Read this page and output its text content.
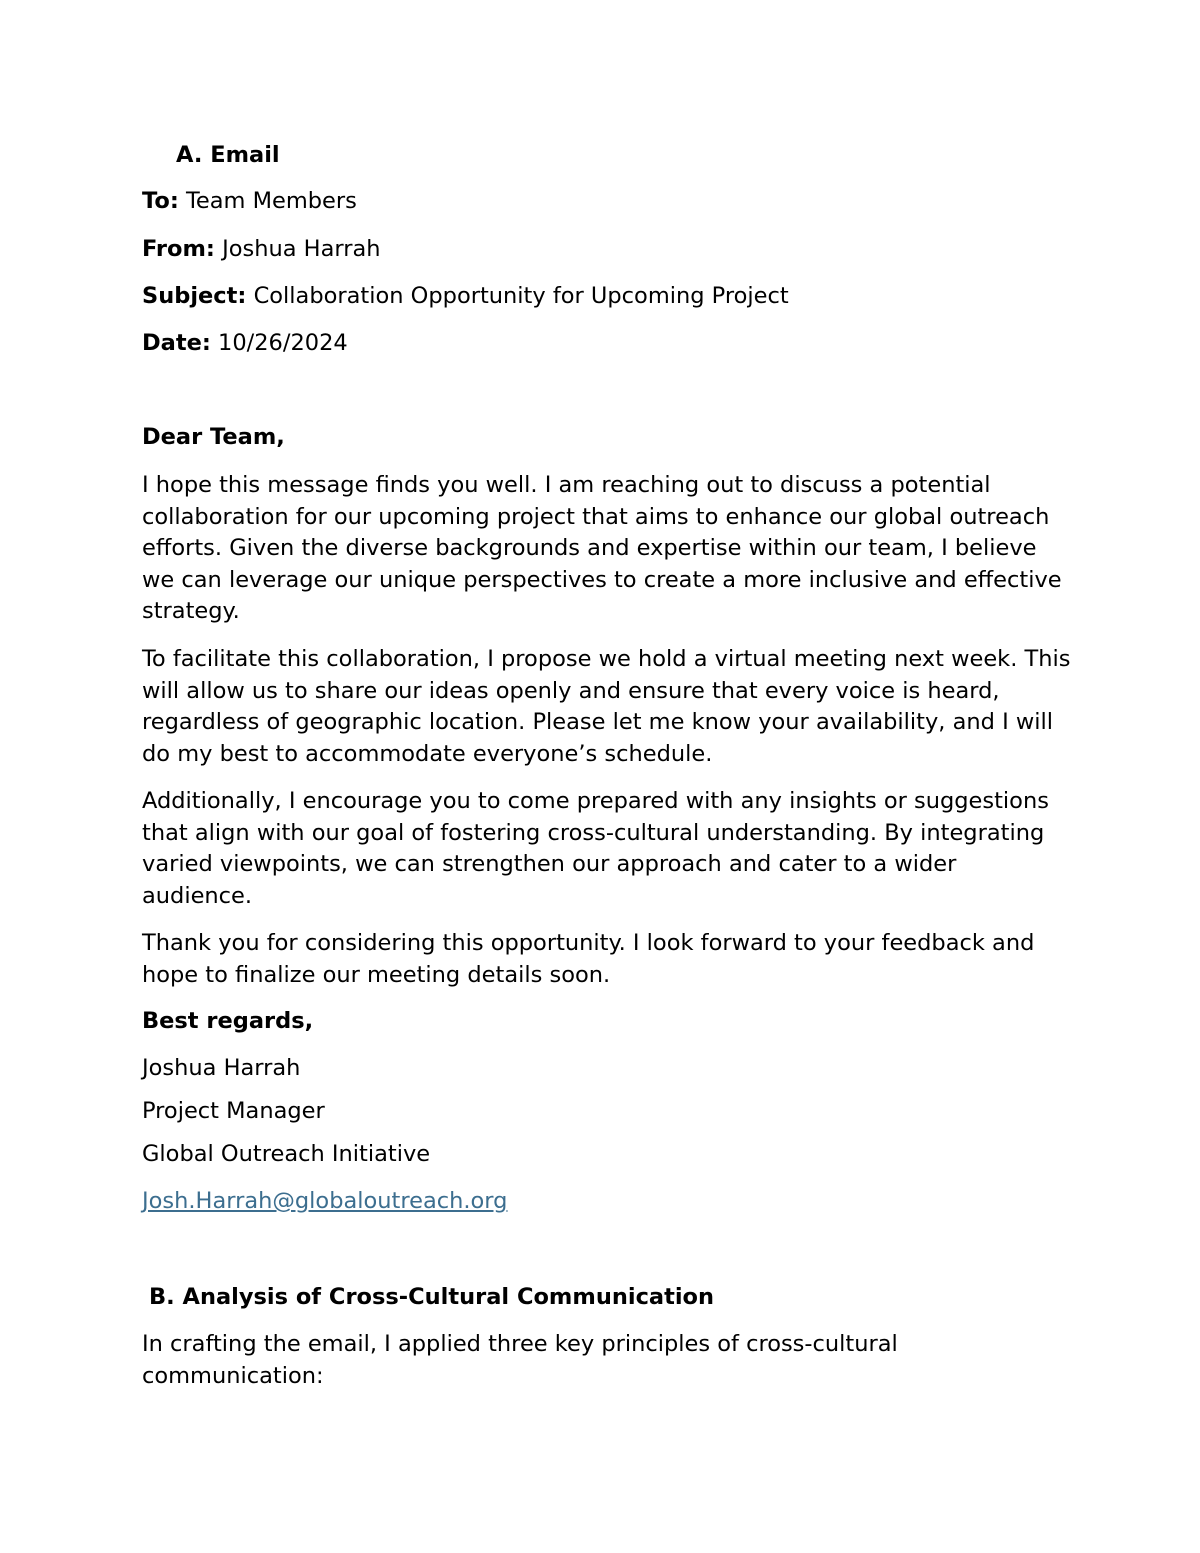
A. Email
To: Team Members
From: Joshua Harrah
Subject: Collaboration Opportunity for Upcoming Project
Date: 10/26/2024
Dear Team,

I hope this message finds you well. I am reaching out to discuss a potential collaboration for our upcoming project that aims to enhance our global outreach efforts. Given the diverse backgrounds and expertise within our team, I believe we can leverage our unique perspectives to create a more inclusive and effective strategy.

To facilitate this collaboration, I propose we hold a virtual meeting next week. This will allow us to share our ideas openly and ensure that every voice is heard, regardless of geographic location. Please let me know your availability, and I will do my best to accommodate everyone’s schedule.

Additionally, I encourage you to come prepared with any insights or suggestions that align with our goal of fostering cross-cultural understanding. By integrating varied viewpoints, we can strengthen our approach and cater to a wider audience.

Thank you for considering this opportunity. I look forward to your feedback and hope to finalize our meeting details soon.

Best regards,
Joshua Harrah
Project Manager
Global Outreach Initiative
Josh.Harrah@globaloutreach.org
B. Analysis of Cross-Cultural Communication

In crafting the email, I applied three key principles of cross-cultural communication:
